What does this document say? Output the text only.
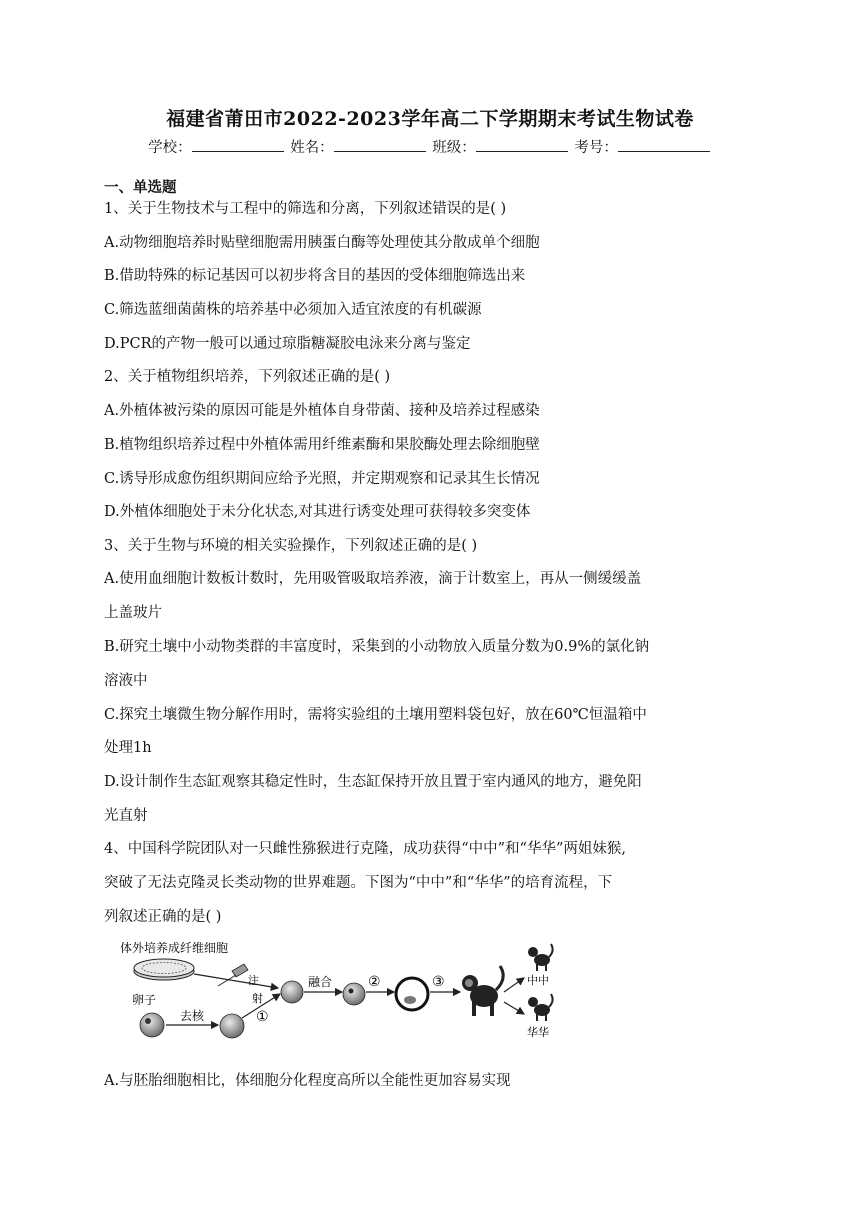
福建省莆田市2022-2023学年高二下学期期末考试生物试卷
学校：	姓名：	班级：	考号：
一、单选题
1、关于生物技术与工程中的筛选和分离，下列叙述错误的是( )
A.动物细胞培养时贴壁细胞需用胰蛋白酶等处理使其分散成单个细胞
B.借助特殊的标记基因可以初步将含目的基因的受体细胞筛选出来
C.筛选蓝细菌菌株的培养基中必须加入适宜浓度的有机碳源
D.PCR的产物一般可以通过琼脂糖凝胶电泳来分离与鉴定
2、关于植物组织培养，下列叙述正确的是( )
A.外植体被污染的原因可能是外植体自身带菌、接种及培养过程感染
B.植物组织培养过程中外植体需用纤维素酶和果胶酶处理去除细胞壁
C.诱导形成愈伤组织期间应给予光照，并定期观察和记录其生长情况
D.外植体细胞处于未分化状态,对其进行诱变处理可获得较多突变体
3、关于生物与环境的相关实验操作，下列叙述正确的是( )
A.使用血细胞计数板计数时，先用吸管吸取培养液，滴于计数室上，再从一侧缓缓盖
上盖玻片
B.研究土壤中小动物类群的丰富度时，采集到的小动物放入质量分数为0.9%的氯化钠
溶液中
C.探究土壤微生物分解作用时，需将实验组的土壤用塑料袋包好，放在60℃恒温箱中
处理1h
D.设计制作生态缸观察其稳定性时，生态缸保持开放且置于室内通风的地方，避免阳
光直射
4、中国科学院团队对一只雌性猕猴进行克隆，成功获得“中中”和“华华”两姐妹猴,
突破了无法克隆灵长类动物的世界难题。下图为“中中”和“华华”的培育流程，下
列叙述正确的是( )
体外培养成纤维细胞
注
射
卵子
去核	①
融合	②	③	中中
华华
A.与胚胎细胞相比，体细胞分化程度高所以全能性更加容易实现
